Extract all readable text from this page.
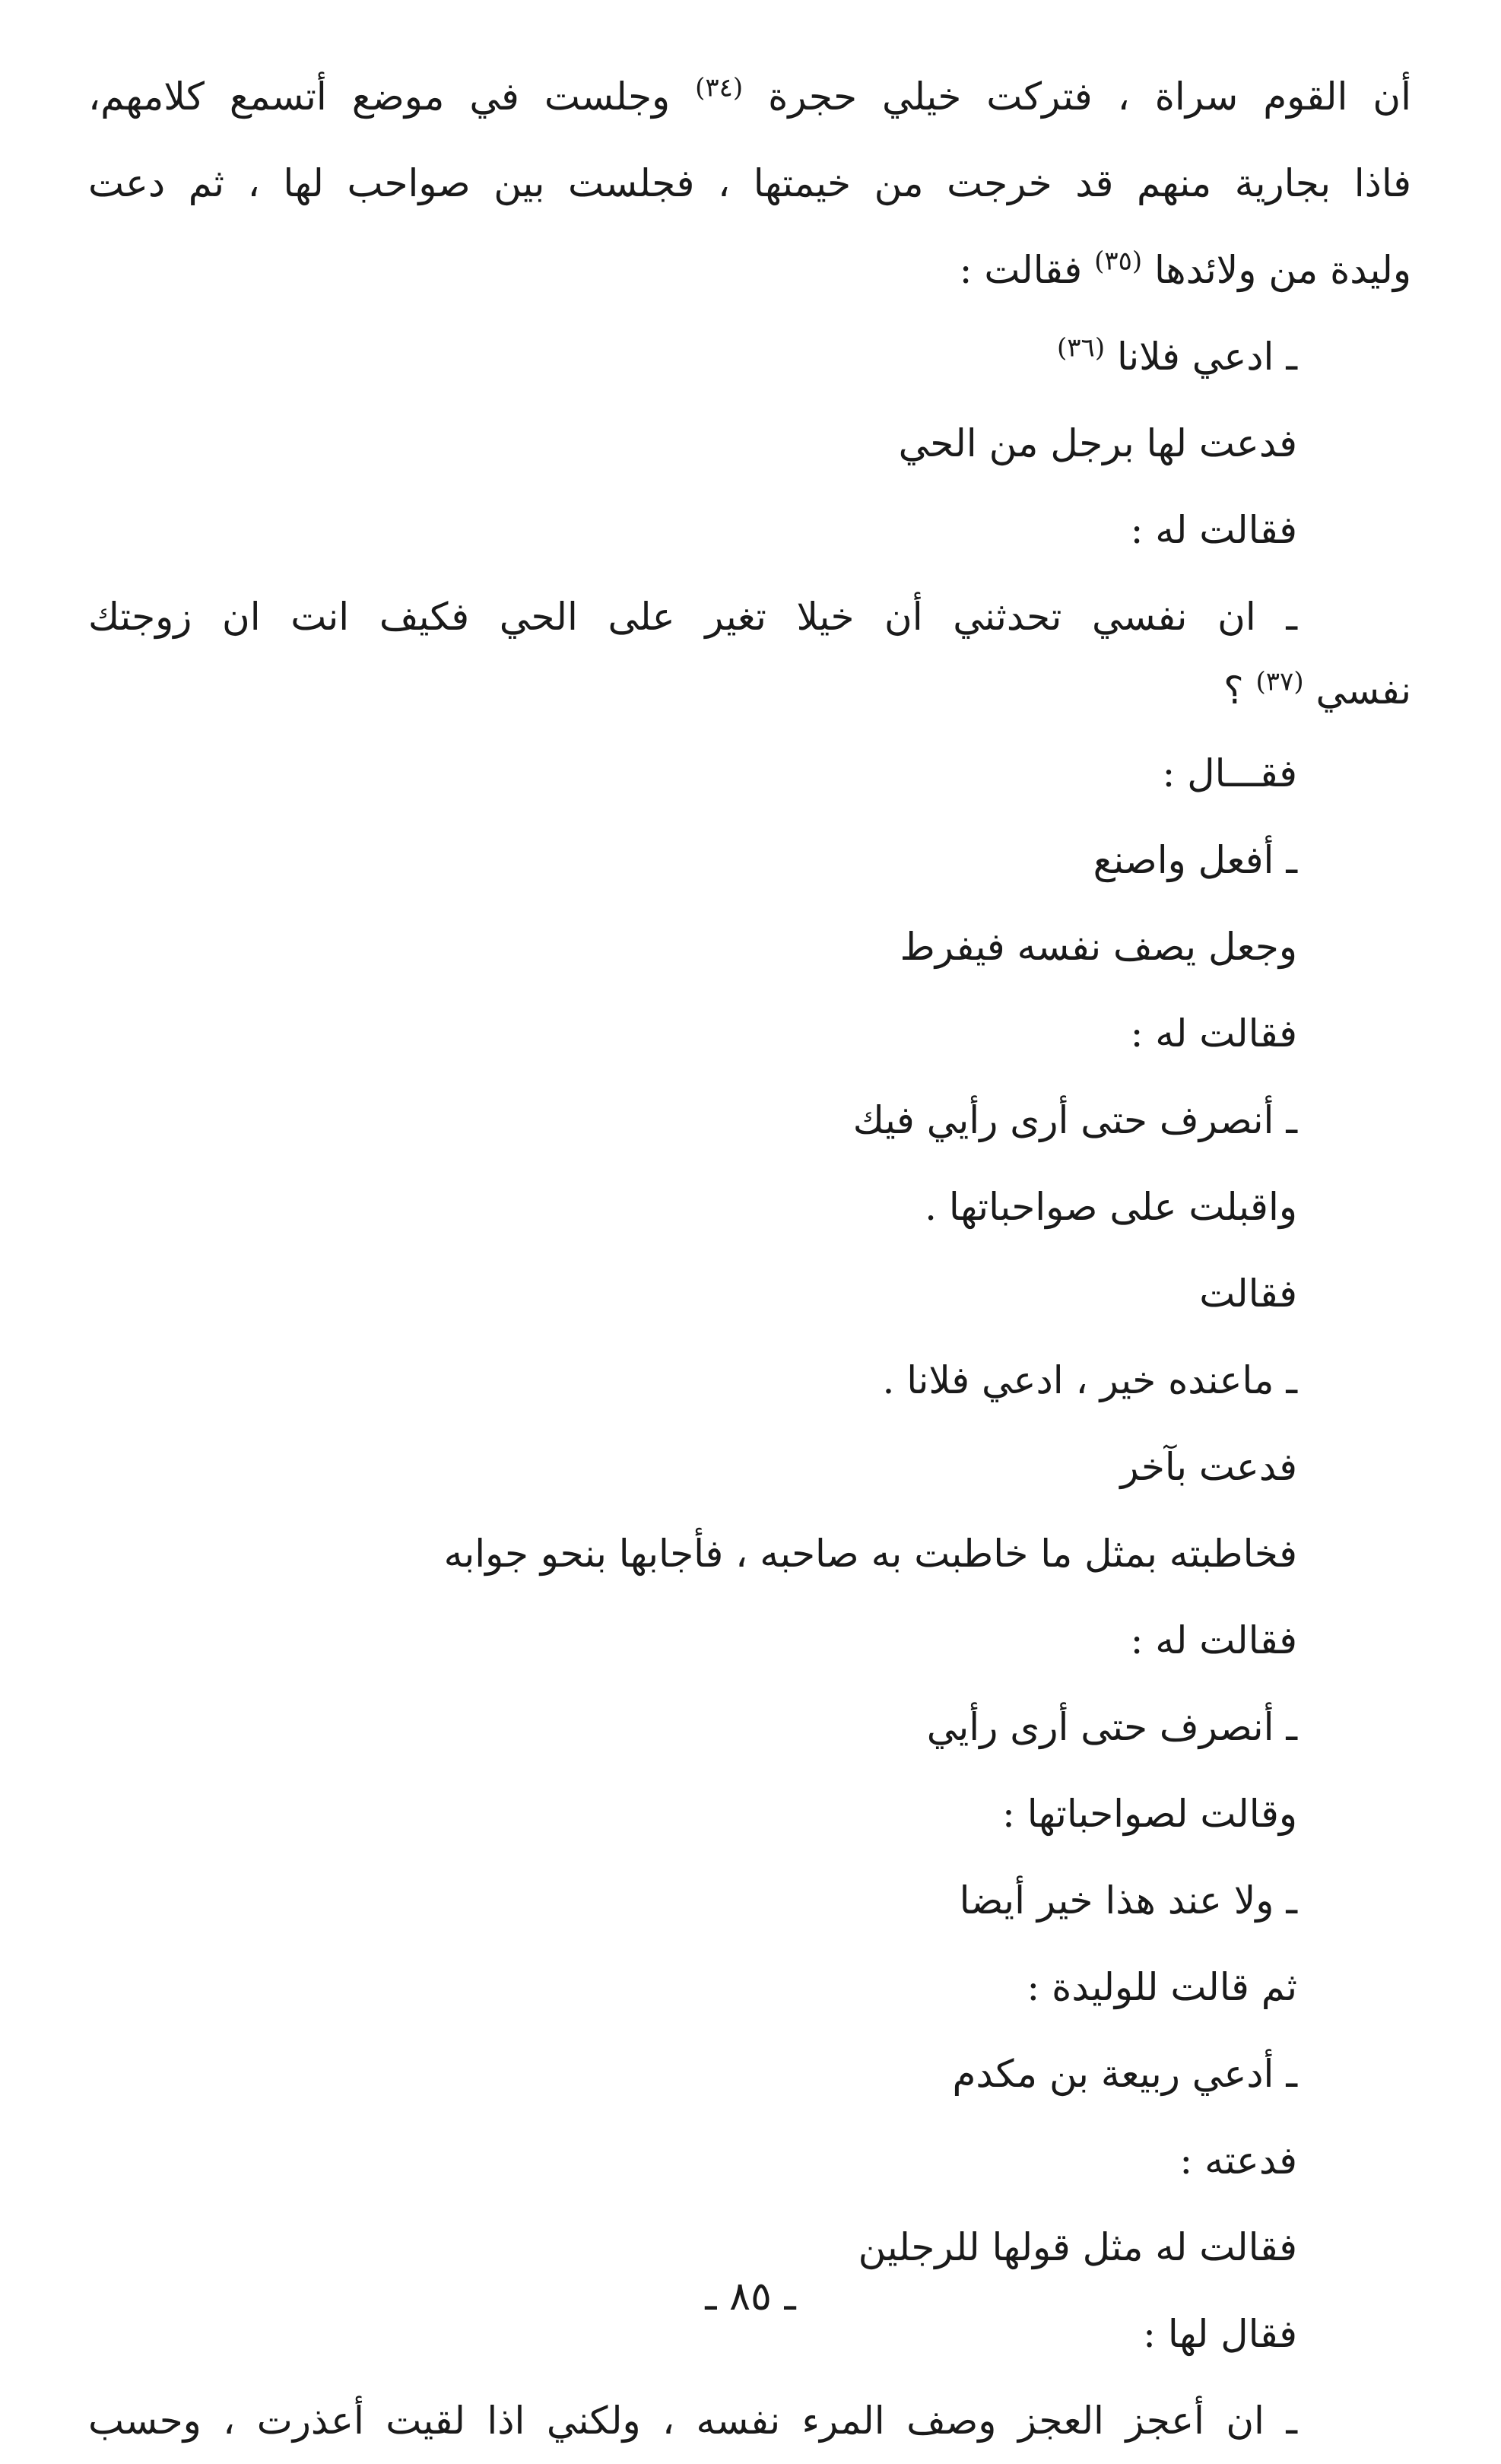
أن القوم سراة ، فتركت خيلي حجرة $^{(٣٤)}$ وجلست في موضع أتسمع كلامهم،
فاذا بجارية منهم قد خرجت من خيمتها ، فجلست بين صواحب لها ، ثم دعت
وليدة من ولائدها $^{(٣٥)}$ فقالت :
ـ ادعي فلانا $^{(٣٦)}$
فدعت لها برجل من الحي
فقالت له :
ـ ان نفسي تحدثني أن خيلا تغير على الحي فكيف انت ان زوجتك
نفسي $^{(٣٧)}$ ؟
فقـــال :
ـ أفعل واصنع
وجعل يصف نفسه فيفرط
فقالت له :
ـ أنصرف حتى أرى رأيي فيك
واقبلت على صواحباتها .
فقالت
ـ ماعنده خير ، ادعي فلانا .
فدعت بآخر
فخاطبته بمثل ما خاطبت به صاحبه ، فأجابها بنحو جوابه
فقالت له :
ـ أنصرف حتى أرى رأيي
وقالت لصواحباتها :
ـ ولا عند هذا خير أيضا
ثم قالت للوليدة :
ـ أدعي ربيعة بن مكدم
فدعته :
فقالت له مثل قولها للرجلين
فقال لها :
ـ ان أعجز العجز وصف المرء نفسه ، ولكني اذا لقيت أعذرت ، وحسب
ـ ٨٥ ـ
